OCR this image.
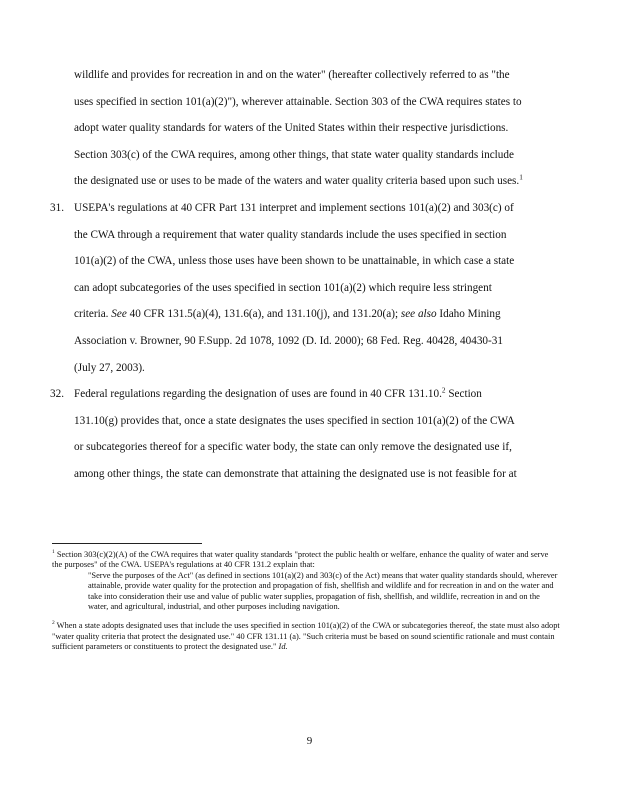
wildlife and provides for recreation in and on the water" (hereafter collectively referred to as "the
uses specified in section 101(a)(2)"), wherever attainable. Section 303 of the CWA requires states to
adopt water quality standards for waters of the United States within their respective jurisdictions.
Section 303(c) of the CWA requires, among other things, that state water quality standards include
the designated use or uses to be made of the waters and water quality criteria based upon such uses.$^1$
31. USEPA's regulations at 40 CFR Part 131 interpret and implement sections 101(a)(2) and 303(c) of
the CWA through a requirement that water quality standards include the uses specified in section
101(a)(2) of the CWA, unless those uses have been shown to be unattainable, in which case a state
can adopt subcategories of the uses specified in section 101(a)(2) which require less stringent
criteria. See 40 CFR 131.5(a)(4), 131.6(a), and 131.10(j), and 131.20(a); see also Idaho Mining
Association v. Browner, 90 F.Supp. 2d 1078, 1092 (D. Id. 2000); 68 Fed. Reg. 40428, 40430-31
(July 27, 2003).
32. Federal regulations regarding the designation of uses are found in 40 CFR 131.10.$^2$ Section
131.10(g) provides that, once a state designates the uses specified in section 101(a)(2) of the CWA
or subcategories thereof for a specific water body, the state can only remove the designated use if,
among other things, the state can demonstrate that attaining the designated use is not feasible for at
$^1$ Section 303(c)(2)(A) of the CWA requires that water quality standards "protect the public health or welfare, enhance the quality of water and serve the purposes" of the CWA. USEPA's regulations at 40 CFR 131.2 explain that:
"Serve the purposes of the Act" (as defined in sections 101(a)(2) and 303(c) of the Act) means that water quality standards should, wherever attainable, provide water quality for the protection and propagation of fish, shellfish and wildlife and for recreation in and on the water and take into consideration their use and value of public water supplies, propagation of fish, shellfish, and wildlife, recreation in and on the water, and agricultural, industrial, and other purposes including navigation.
$^2$ When a state adopts designated uses that include the uses specified in section 101(a)(2) of the CWA or subcategories thereof, the state must also adopt "water quality criteria that protect the designated use." 40 CFR 131.11 (a). "Such criteria must be based on sound scientific rationale and must contain sufficient parameters or constituents to protect the designated use." Id.
9
